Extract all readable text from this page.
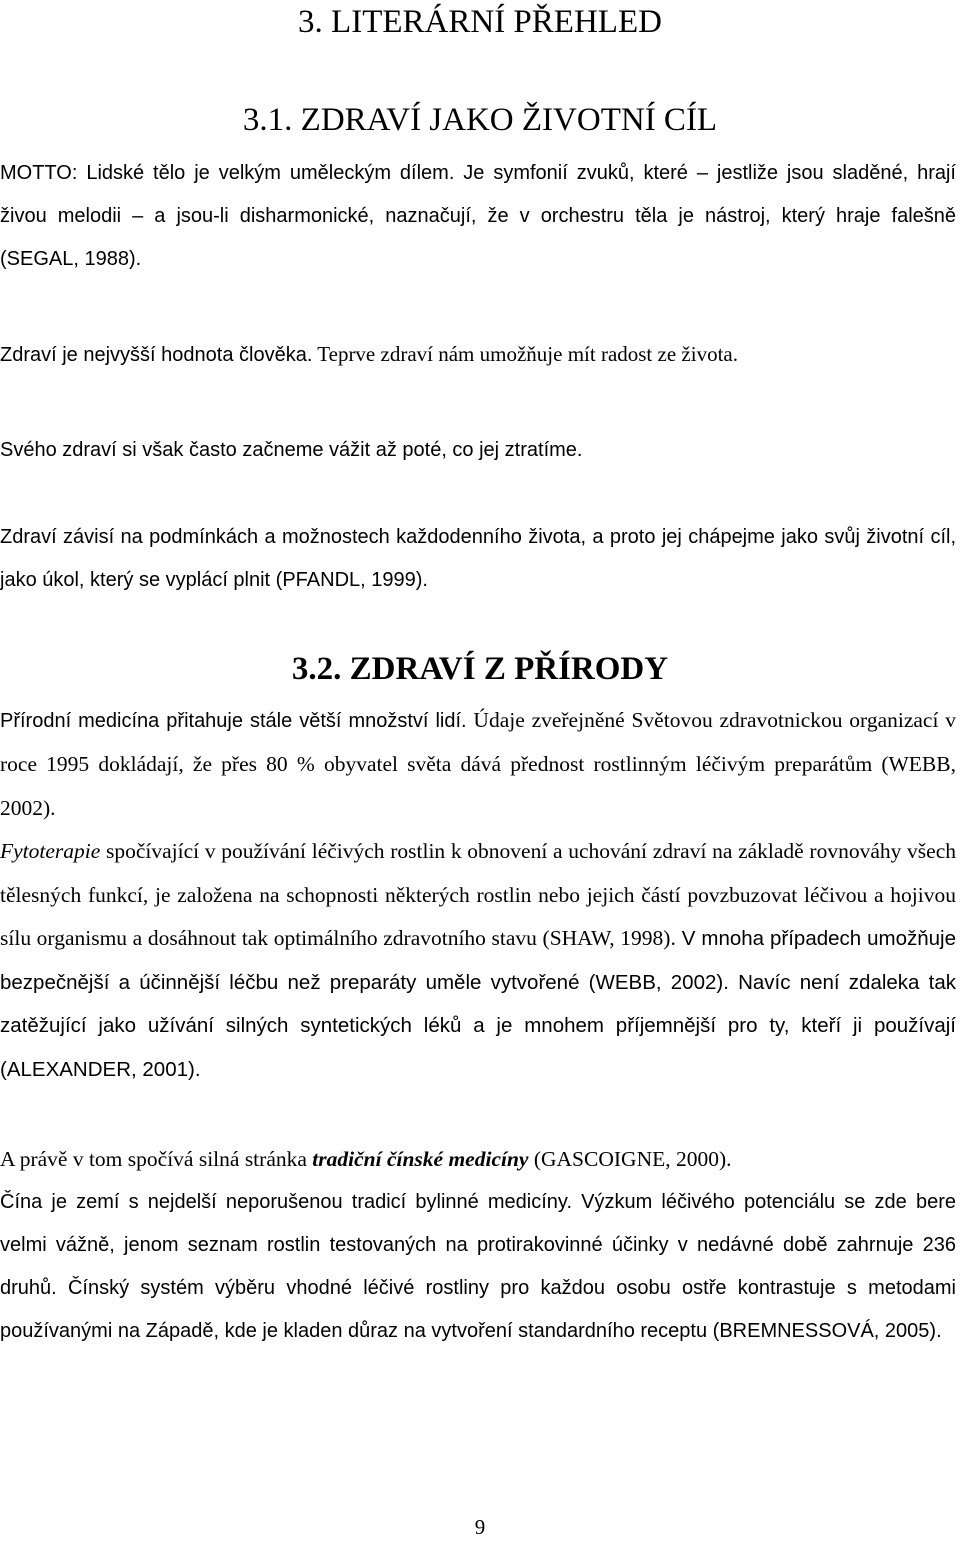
3. LITERÁRNÍ PŘEHLED
3.1. ZDRAVÍ JAKO ŽIVOTNÍ CÍL
MOTTO: Lidské tělo je velkým uměleckým dílem. Je symfonií zvuků, které – jestliže jsou sladěné, hrají živou melodii – a jsou-li disharmonické, naznačují, že v orchestru těla je nástroj, který hraje falešně (SEGAL, 1988).
Zdraví je nejvyšší hodnota člověka. Teprve zdraví nám umožňuje mít radost ze života.
Svého zdraví si však často začneme vážit až poté, co jej ztratíme.
Zdraví závisí na podmínkách a možnostech každodenního života, a proto jej chápejme jako svůj životní cíl, jako úkol, který se vyplácí plnit (PFANDL, 1999).
3.2. ZDRAVÍ Z PŘÍRODY
Přírodní medicína přitahuje stále větší množství lidí. Údaje zveřejněné Světovou zdravotnickou organizací v roce 1995 dokládají, že přes 80 % obyvatel světa dává přednost rostlinným léčivým preparátům (WEBB, 2002).
Fytoterapie spočívající v používání léčivých rostlin k obnovení a uchování zdraví na základě rovnováhy všech tělesných funkcí, je založena na schopnosti některých rostlin nebo jejich částí povzbuzovat léčivou a hojivou sílu organismu a dosáhnout tak optimálního zdravotního stavu (SHAW, 1998). V mnoha případech umožňuje bezpečnější a účinnější léčbu než preparáty uměle vytvořené (WEBB, 2002). Navíc není zdaleka tak zatěžující jako užívání silných syntetických léků a je mnohem příjemnější pro ty, kteří ji používají (ALEXANDER, 2001).
A právě v tom spočívá silná stránka tradiční čínské medicíny (GASCOIGNE, 2000).
Čína je zemí s nejdelší neporušenou tradicí bylinné medicíny. Výzkum léčivého potenciálu se zde bere velmi vážně, jenom seznam rostlin testovaných na protirakovinné účinky v nedávné době zahrnuje 236 druhů. Čínský systém výběru vhodné léčivé rostliny pro každou osobu ostře kontrastuje s metodami používanými na Západě, kde je kladen důraz na vytvoření standardního receptu (BREMNESSOVÁ, 2005).
9
